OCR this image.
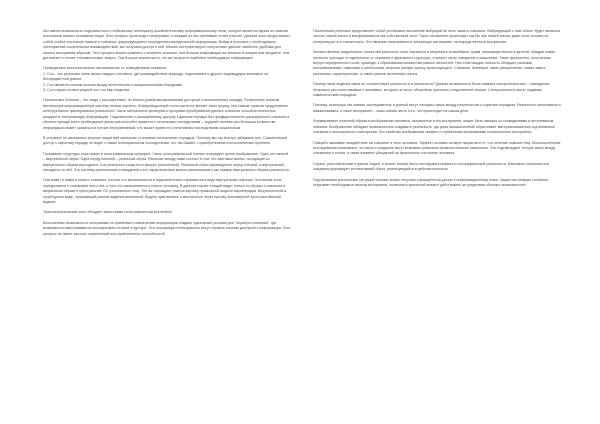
Мы имеем возможность подключиться к глобальному потенциалу исключительному информационному полю, которое является одним из главных источников нашего понимания мира. Этот процесс происходит непрерывно, и каждый из нас принимает в нем участие. Данный опыт представляет собой особое состояние памяти и сознания, формирующееся посредством определенной информации. Войдя в резонанс с необходимым потенциалом сознательных взаимодействий, мы получаем доступ к ней. Многие интерпретируют полученные данные наиболее удобным для нашего восприятия образом. Этот процесс можно сравнить с интернет-поиском: чем больше информации вы вносите в конкретном предмете, тем детальнее и точнее становится ваш запрос. Тем больше вероятность, что вы получите наиболее необходимую информацию.

Проведенные многочисленные эксперименты со сновидениями показали:
1. Сон – это реальная часть жизни каждого человека, где взаимодействие природы, подсознания и другого индивидуума возможно на беспредметной урвоне.
2. Сон является тонким мостом между интеллектом и эмоциональными порядками.
3. Сон служит иллюстрацией того что мир неделим.

Психические болезни – это люди с расширенным, но битым (разбалансированным) доступом к многомерному порядку. Полученную потоком ментальную информационную систему нельзя оценить. Информационный поток хаотично меняет свою форму, тем самым тормозя продуктивное конструктивное фильтрования реальности. Часть ментальных фильтров и программ преображения данных сознания способна полностью разрушить поступающую информацию. Подключение к расширенному доступу к данным порядка без предварительного расширенного сознания в области прежде всего необходимых фильтров способно привести к печальным последствиям – трудный человек при большом количестве информации может оказаться в потоке неуправляемой, что может привести к негативным последствиям социальным.

В человеке не изначально встроен защитный механизм от влияния посторонних порядков. Поэтому мы так быстро забываем сны. Сознательный доступ к скрытому порядку не ведет к таким потенциальным последствиям, что так бывает с приобретением психологических проблем.

Понимание структуры снов лежит в холографическом принципе. Часть голографической пленки генерирует целое изображение. Одно за пленкой – виртуальный образ. Одна перед пленкой – реальный образ. Различие между ними состоит в том, что световые волны, исходящие из виртуального образа расходятся, а из реального сходятся в фокусе (заточенной). Реальный образ формируется перед пленкой, а виртуальный находится за ней. Эту систему преломления сновидений и его характеристики можно рассматривать как пример виртуального образа реальности.

Сны живут в памяти нашего сознания, похоже что вспоминаются и подсознательно отражаются в виде виртуальных образов. Осознание снов определяется и сознанием этого сна, и того что запоминается и снится человеку. В данном случае спящий видит только те образы и различия в визуальном образе в пространстве ОС (осознанного сна). Это же порождает разную картину правильной модели миропорядка. Вид вселенной в структурном виде, отражающий разные видения вселенной. Видеть чувственное и ментальное через призму многомерной пространственной модели.

Трансперсональный опыт обладает качествами голографической вселенной.

Бесконечные возможности голограммы по хранению и извлечению информации создают идеальные условия для "Атрибута сознания", где возможности выстраиваются ассоциативно по всей структуре. Эти ассоциации потенциально могут служить полным доступом к информации. Этот процесс не имеет жестких ограничений или ограниченных способностей.

Психический резонанс представляет собой устойчивое наложение вибраций на поле нашего сознания. Вибрирующий с ним объект будет являться частью нашей жизни и воспринимается как собственный опыт. Такое наложение происходит как бы при нашей жизни, даже если человек не контролирует его сознательно. Это явление описывается в литературе как вариант непосредственного восприятия.

Множественное разделенных личностей реального поля случается в результате сильнейших травм, преимущественно в детстве. Каждая новая личность приходит в отдельности от сознания и фрагмента структуры, и влияет на их поведение и мышление. Такие фрагменты, полученные внутри определенного слоя, приводят к образованию множества разных личностей. При этом каждая личность обладает разными воспоминаниями, навыками и ценностями, включая разную оценку происходящего. Сознание, имеющее такие расщепления, может иметь различные характеристики, а также разные жизненные опыты.

Почему наше видение мира не соответствует реальности в реальности? Данная возможность была названа синхроничностью – совпадения, несколько раз сопоставимых и значимых, которые не могут объяснены причинно-следственной связью. Синхроничность могут подавать символическим порядком.

Поэтому, используя эти знания, исследователь и ученый могут находить связь между реальностью и скрытым порядком. Реальность многомерна и взаимосвязана, и наше восприятие – лишь малая часть того, что происходит на самом деле.

Формирование полезной образа в воображении человека, заложенное в его восприятие, может быть связано со сновидениями и интуитивным знанием. Воображение обладает возможностью создавать реальность, где даже вымышленный образ может материализоваться под влиянием сознания и многократного повторения. Это свойство воображения связано с глубинными механизмами сознательного восприятия.

Плацебо оказывает воздействие на сознание и тело человека. Эффект основан на вере пациента в то, что лечение поможет ему. Многочисленные исследования показывают, что вера и ожидание могут вызывать реальные физиологические изменения. Это подтверждает тесную связь между сознанием и телом, а также влияние убеждений на физическое состояние человека.

Страхи, расслабленные страхом людей, а значит боязнь быть последовательными в голографической реальности. Массовые опасения или ожидания формируют коллективный образ, реализующийся в действительность.

Под влиянием критических ситуаций человек может получить расширенный доступ к информационному полю. Защитная реакция сознания открывает необходимые каналы восприятия, позволяя в кризисной момент действовать за пределами обычных возможностей.
